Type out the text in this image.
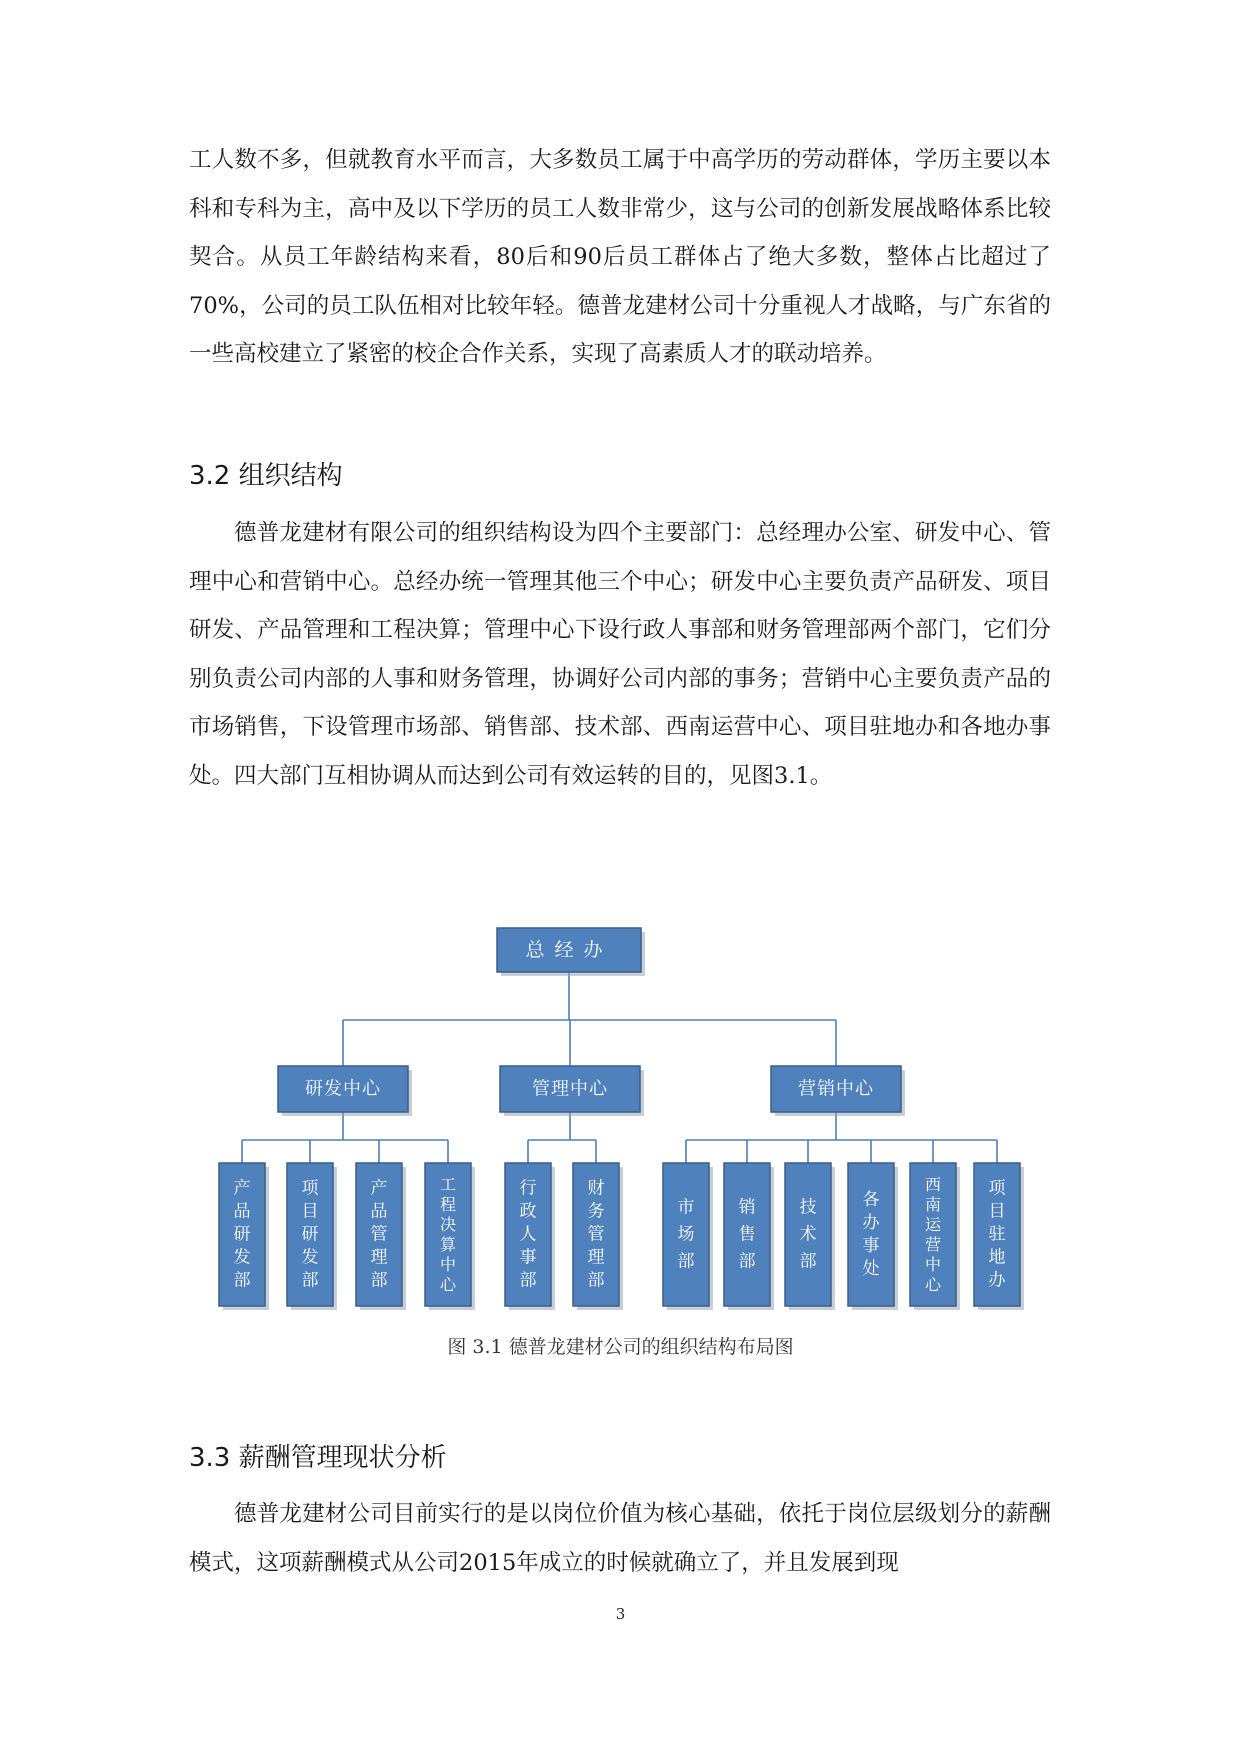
工人数不多，但就教育水平而言，大多数员工属于中高学历的劳动群体，学历主要以本科和专科为主，高中及以下学历的员工人数非常少，这与公司的创新发展战略体系比较契合。从员工年龄结构来看，80后和90后员工群体占了绝大多数，整体占比超过了70%，公司的员工队伍相对比较年轻。德普龙建材公司十分重视人才战略，与广东省的一些高校建立了紧密的校企合作关系，实现了高素质人才的联动培养。

3.2 组织结构

德普龙建材有限公司的组织结构设为四个主要部门：总经理办公室、研发中心、管理中心和营销中心。总经办统一管理其他三个中心；研发中心主要负责产品研发、项目研发、产品管理和工程决算；管理中心下设行政人事部和财务管理部两个部门，它们分别负责公司内部的人事和财务管理，协调好公司内部的事务；营销中心主要负责产品的市场销售，下设管理市场部、销售部、技术部、西南运营中心、项目驻地办和各地办事处。四大部门互相协调从而达到公司有效运转的目的，见图3.1。

总经办
研发中心
产
品
研
发
部
项
目
研
发
部
产
品
管
理
部
工
程
决
算
中
心
管理中心
行
政
人
事
部
财
务
管
理
部
营销中心
市
场
部
销
售
部
技
术
部
各
办
事
处
西
南
运
营
中
心
项
目
驻
地
办
图 3.1 德普龙建材公司的组织结构布局图
3.3 薪酬管理现状分析

德普龙建材公司目前实行的是以岗位价值为核心基础，依托于岗位层级划分的薪酬模式，这项薪酬模式从公司2015年成立的时候就确立了，并且发展到现

3
